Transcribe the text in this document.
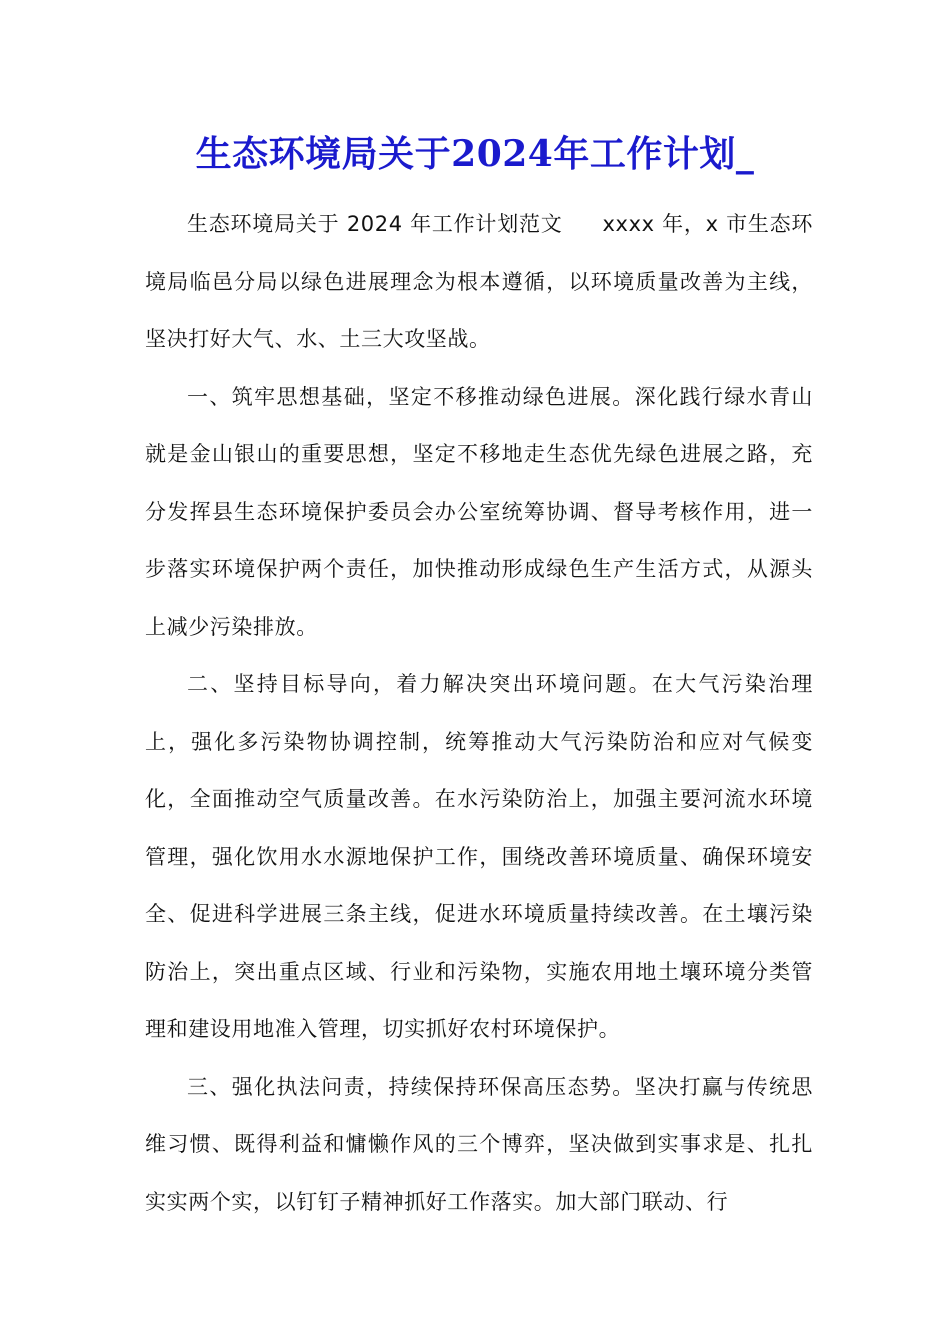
生态环境局关于2024年工作计划_

生态环境局关于 2024 年工作计划范文 xxxx 年，x 市生态环境局临邑分局以绿色进展理念为根本遵循，以环境质量改善为主线，坚决打好大气、水、土三大攻坚战。

一、筑牢思想基础，坚定不移推动绿色进展。深化践行绿水青山就是金山银山的重要思想，坚定不移地走生态优先绿色进展之路，充分发挥县生态环境保护委员会办公室统筹协调、督导考核作用，进一步落实环境保护两个责任，加快推动形成绿色生产生活方式，从源头上减少污染排放。

二、坚持目标导向，着力解决突出环境问题。在大气污染治理上，强化多污染物协调控制，统筹推动大气污染防治和应对气候变化，全面推动空气质量改善。在水污染防治上，加强主要河流水环境管理，强化饮用水水源地保护工作，围绕改善环境质量、确保环境安全、促进科学进展三条主线，促进水环境质量持续改善。在土壤污染防治上，突出重点区域、行业和污染物，实施农用地土壤环境分类管理和建设用地准入管理，切实抓好农村环境保护。

三、强化执法问责，持续保持环保高压态势。坚决打赢与传统思维习惯、既得利益和慵懒作风的三个博弈，坚决做到实事求是、扎扎实实两个实，以钉钉子精神抓好工作落实。加大部门联动、行
